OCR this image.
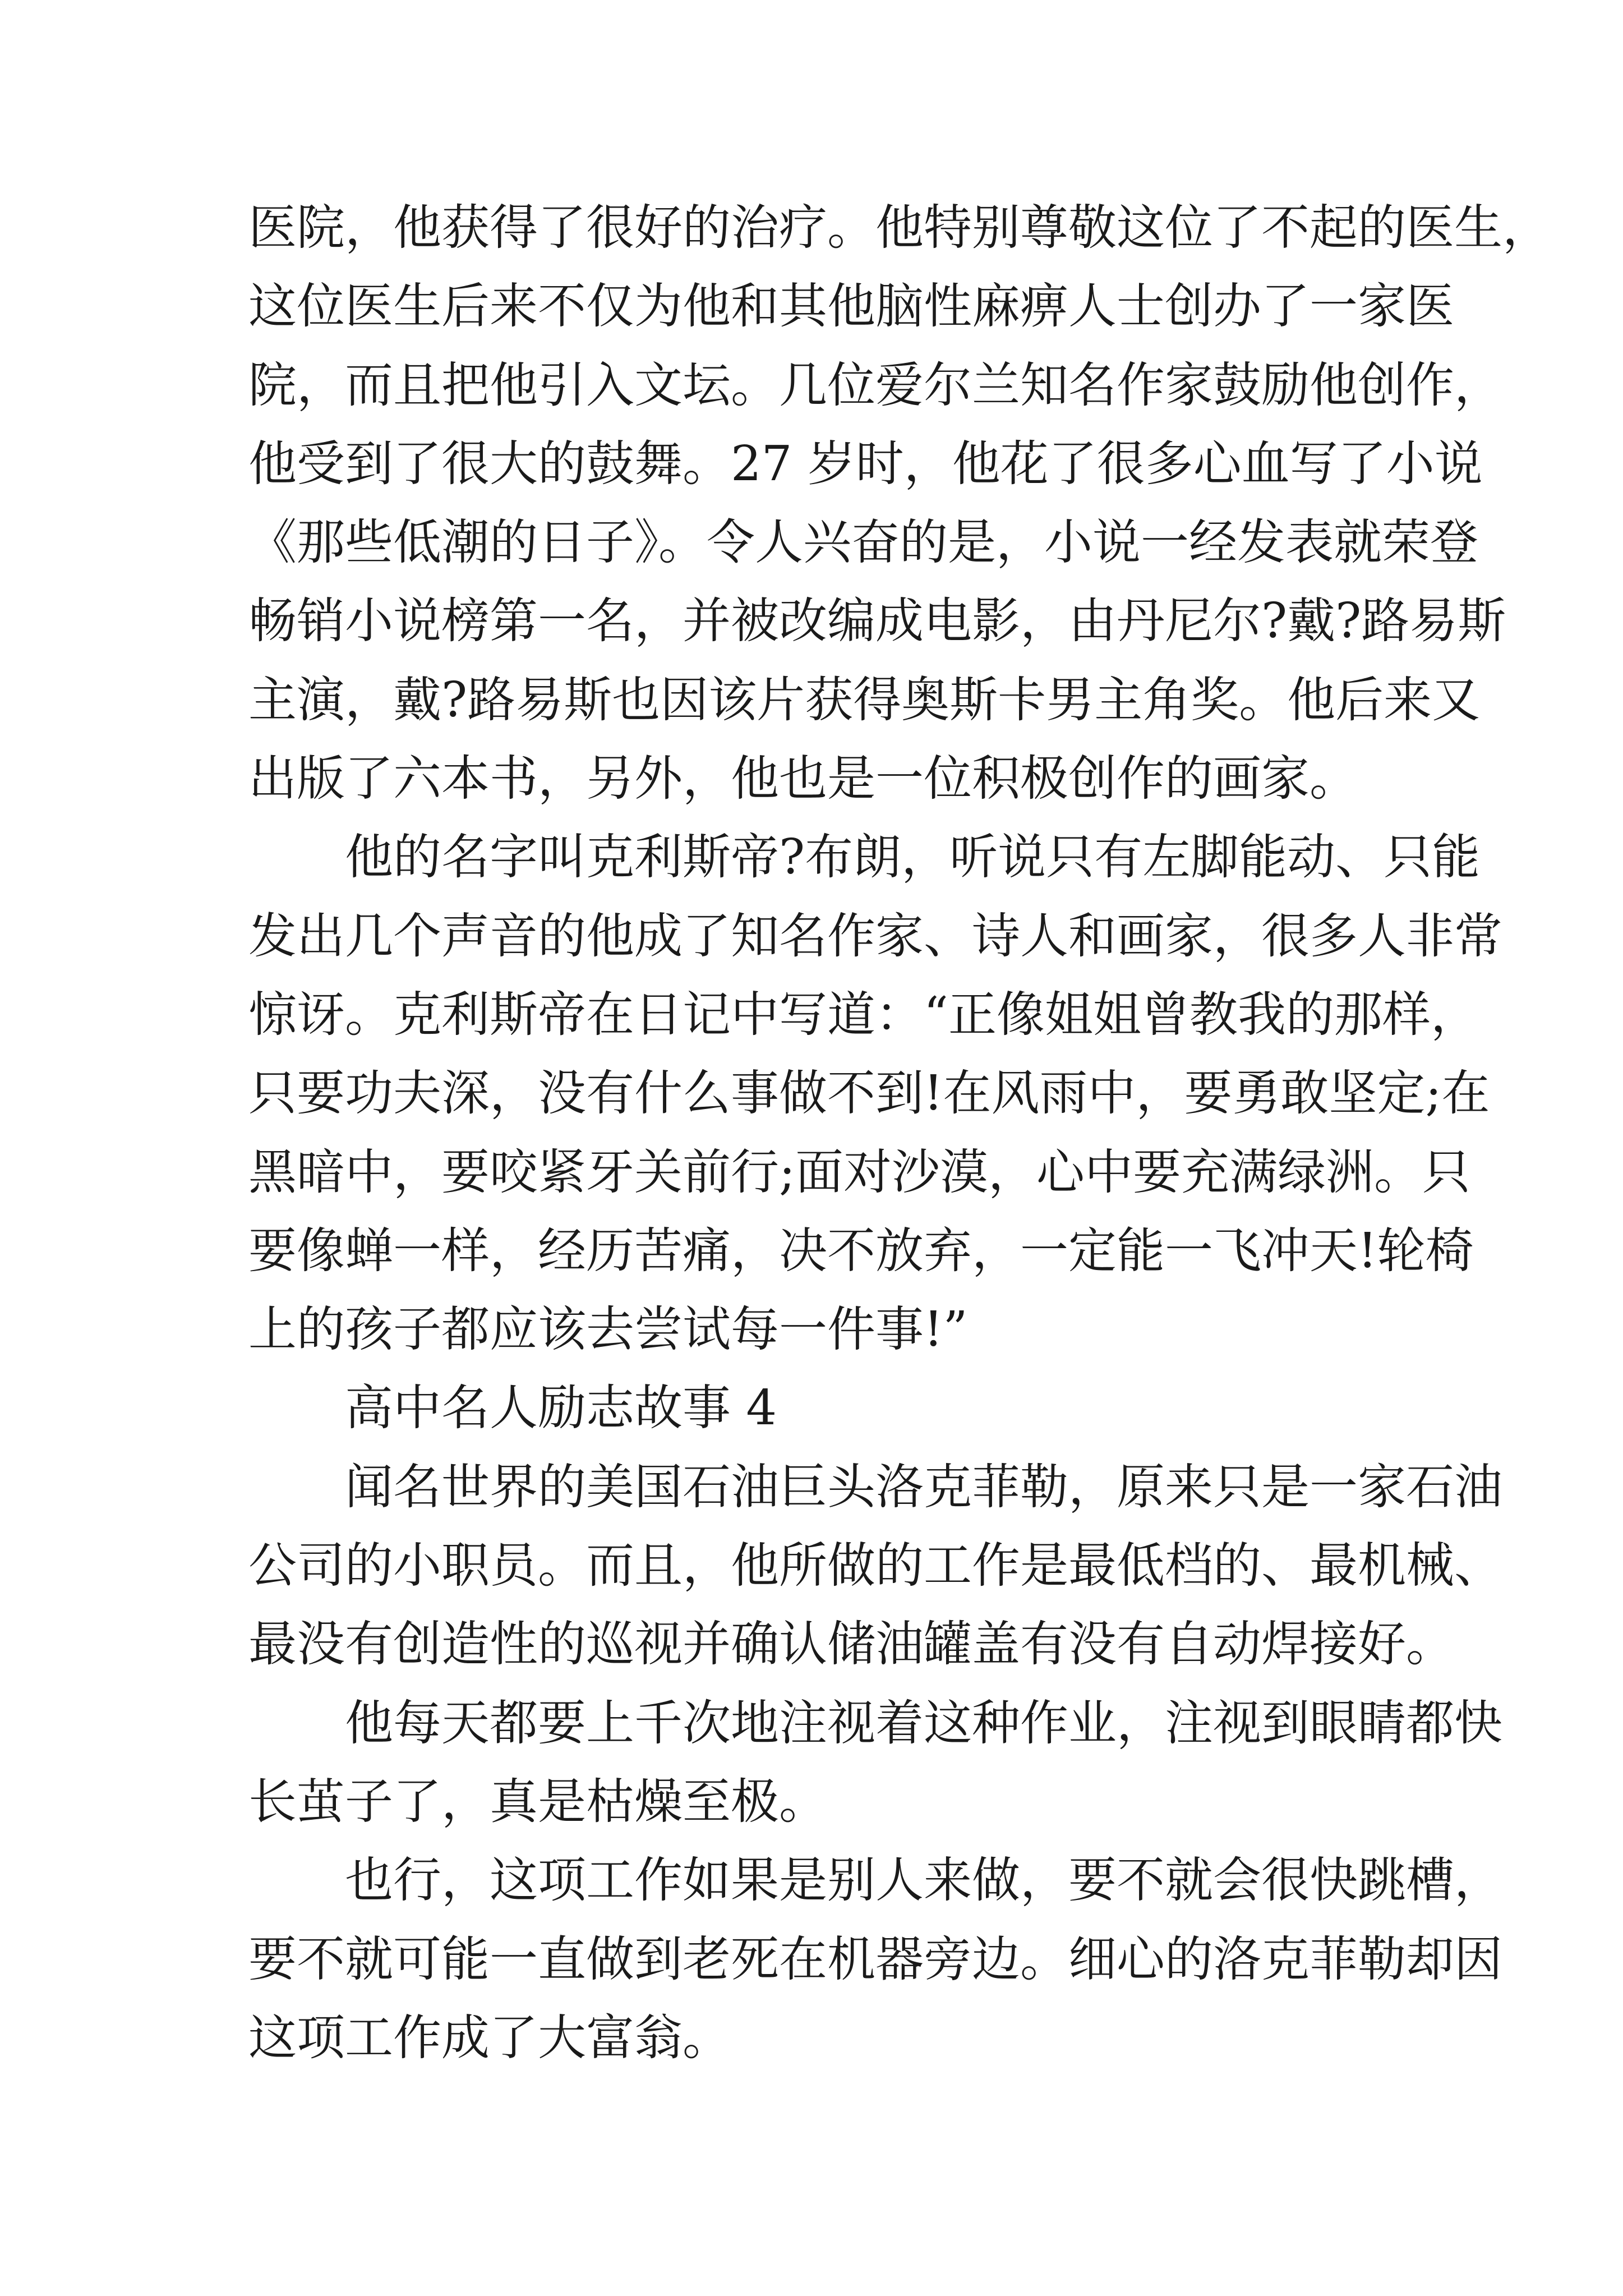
医院，他获得了很好的治疗。他特别尊敬这位了不起的医生，
这位医生后来不仅为他和其他脑性麻痹人士创办了一家医
院，而且把他引入文坛。几位爱尔兰知名作家鼓励他创作，
他受到了很大的鼓舞。27 岁时，他花了很多心血写了小说
《那些低潮的日子》。令人兴奋的是，小说一经发表就荣登
畅销小说榜第一名，并被改编成电影，由丹尼尔?戴?路易斯
主演，戴?路易斯也因该片获得奥斯卡男主角奖。他后来又
出版了六本书，另外，他也是一位积极创作的画家。
他的名字叫克利斯帝?布朗，听说只有左脚能动、只能
发出几个声音的他成了知名作家、诗人和画家，很多人非常
惊讶。克利斯帝在日记中写道：“正像姐姐曾教我的那样，
只要功夫深，没有什么事做不到!在风雨中，要勇敢坚定;在
黑暗中，要咬紧牙关前行;面对沙漠，心中要充满绿洲。只
要像蝉一样，经历苦痛，决不放弃，一定能一飞冲天!轮椅
上的孩子都应该去尝试每一件事!”
高中名人励志故事 4
闻名世界的美国石油巨头洛克菲勒，原来只是一家石油
公司的小职员。而且，他所做的工作是最低档的、最机械、
最没有创造性的巡视并确认储油罐盖有没有自动焊接好。
他每天都要上千次地注视着这种作业，注视到眼睛都快
长茧子了，真是枯燥至极。
也行，这项工作如果是别人来做，要不就会很快跳槽，
要不就可能一直做到老死在机器旁边。细心的洛克菲勒却因
这项工作成了大富翁。
